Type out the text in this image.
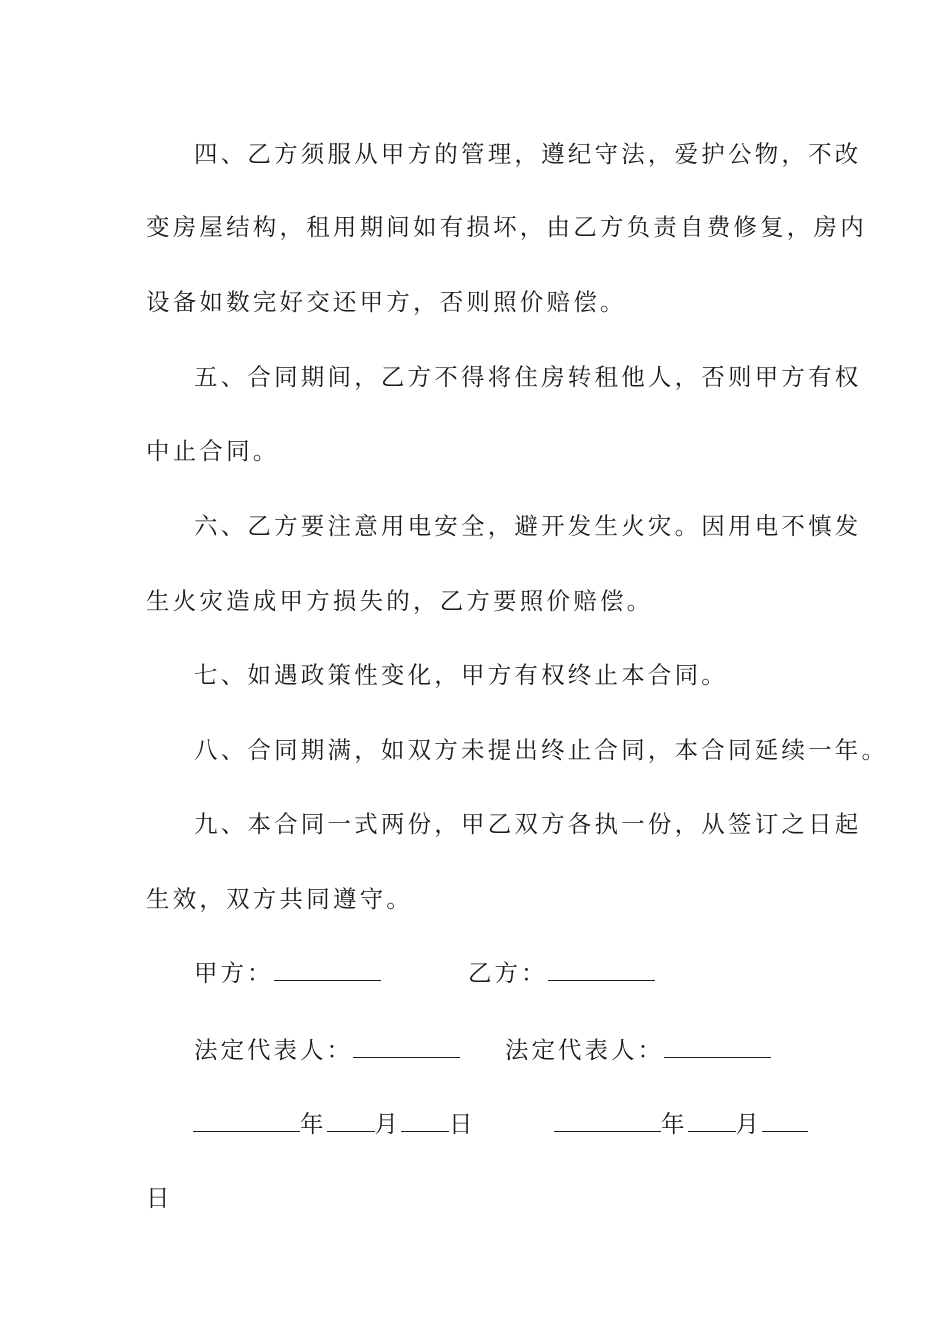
四、乙方须服从甲方的管理，遵纪守法，爱护公物，不改
变房屋结构，租用期间如有损坏，由乙方负责自费修复，房内
设备如数完好交还甲方，否则照价赔偿。
五、合同期间，乙方不得将住房转租他人，否则甲方有权
中止合同。
六、乙方要注意用电安全，避开发生火灾。因用电不慎发
生火灾造成甲方损失的，乙方要照价赔偿。
七、如遇政策性变化，甲方有权终止本合同。
八、合同期满，如双方未提出终止合同，本合同延续一年。
九、本合同一式两份，甲乙双方各执一份，从签订之日起
生效，双方共同遵守。
甲方：	乙方：
法定代表人：	法定代表人：
年 月 日	年 月
日
